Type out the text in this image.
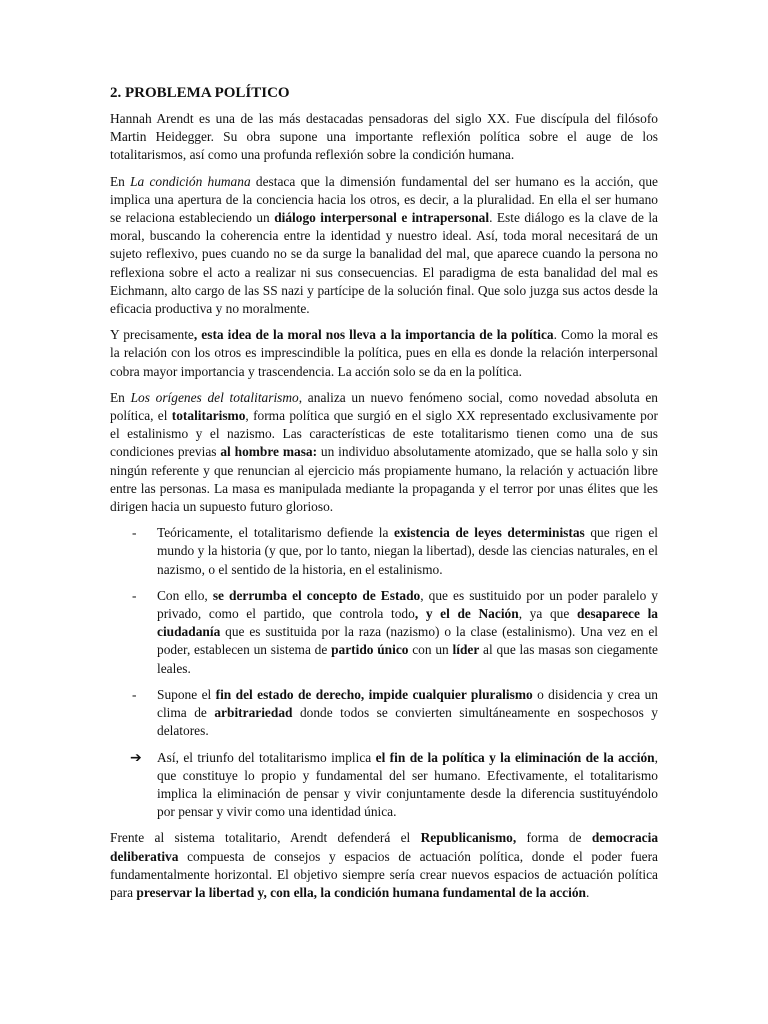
2. PROBLEMA POLÍTICO

Hannah Arendt es una de las más destacadas pensadoras del siglo XX. Fue discípula del filósofo Martin Heidegger. Su obra supone una importante reflexión política sobre el auge de los totalitarismos, así como una profunda reflexión sobre la condición humana.

En La condición humana destaca que la dimensión fundamental del ser humano es la acción, que implica una apertura de la conciencia hacia los otros, es decir, a la pluralidad. En ella el ser humano se relaciona estableciendo un diálogo interpersonal e intrapersonal. Este diálogo es la clave de la moral, buscando la coherencia entre la identidad y nuestro ideal. Así, toda moral necesitará de un sujeto reflexivo, pues cuando no se da surge la banalidad del mal, que aparece cuando la persona no reflexiona sobre el acto a realizar ni sus consecuencias. El paradigma de esta banalidad del mal es Eichmann, alto cargo de las SS nazi y partícipe de la solución final. Que solo juzga sus actos desde la eficacia productiva y no moralmente.

Y precisamente, esta idea de la moral nos lleva a la importancia de la política. Como la moral es la relación con los otros es imprescindible la política, pues en ella es donde la relación interpersonal cobra mayor importancia y trascendencia. La acción solo se da en la política.

En Los orígenes del totalitarismo, analiza un nuevo fenómeno social, como novedad absoluta en política, el totalitarismo, forma política que surgió en el siglo XX representado exclusivamente por el estalinismo y el nazismo. Las características de este totalitarismo tienen como una de sus condiciones previas al hombre masa: un individuo absolutamente atomizado, que se halla solo y sin ningún referente y que renuncian al ejercicio más propiamente humano, la relación y actuación libre entre las personas. La masa es manipulada mediante la propaganda y el terror por unas élites que les dirigen hacia un supuesto futuro glorioso.

- Teóricamente, el totalitarismo defiende la existencia de leyes deterministas que rigen el mundo y la historia (y que, por lo tanto, niegan la libertad), desde las ciencias naturales, en el nazismo, o el sentido de la historia, en el estalinismo.
- Con ello, se derrumba el concepto de Estado, que es sustituido por un poder paralelo y privado, como el partido, que controla todo, y el de Nación, ya que desaparece la ciudadanía que es sustituida por la raza (nazismo) o la clase (estalinismo). Una vez en el poder, establecen un sistema de partido único con un líder al que las masas son ciegamente leales.
- Supone el fin del estado de derecho, impide cualquier pluralismo o disidencia y crea un clima de arbitrariedad donde todos se convierten simultáneamente en sospechosos y delatores.
➔ Así, el triunfo del totalitarismo implica el fin de la política y la eliminación de la acción, que constituye lo propio y fundamental del ser humano. Efectivamente, el totalitarismo implica la eliminación de pensar y vivir conjuntamente desde la diferencia sustituyéndolo por pensar y vivir como una identidad única.

Frente al sistema totalitario, Arendt defenderá el Republicanismo, forma de democracia deliberativa compuesta de consejos y espacios de actuación política, donde el poder fuera fundamentalmente horizontal. El objetivo siempre sería crear nuevos espacios de actuación política para preservar la libertad y, con ella, la condición humana fundamental de la acción.
